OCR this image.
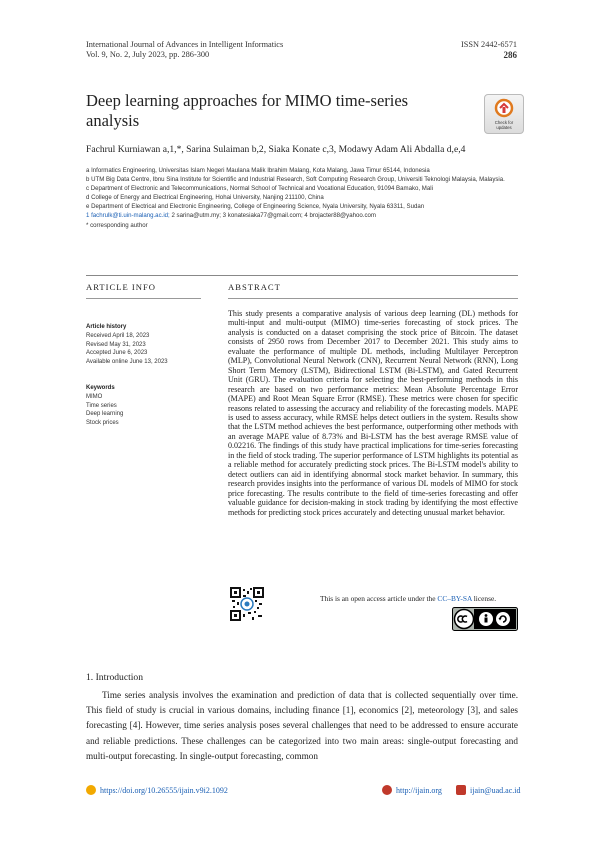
International Journal of Advances in Intelligent Informatics
Vol. 9, No. 2, July 2023, pp. 286-300
ISSN 2442-6571
286
Deep learning approaches for MIMO time-series analysis	Check for updates
Fachrul Kurniawan a,1,*, Sarina Sulaiman b,2, Siaka Konate c,3, Modawy Adam Ali Abdalla d,e,4

a Informatics Engineering, Universitas Islam Negeri Maulana Malik Ibrahim Malang, Kota Malang, Jawa Timur 65144, Indonesia

b UTM Big Data Centre, Ibnu Sina Institute for Scientific and Industrial Research, Soft Computing Research Group, Universiti Teknologi Malaysia, Malaysia.

c Department of Electronic and Telecommunications, Normal School of Technical and Vocational Education, 91094 Bamako, Mali

d College of Energy and Electrical Engineering, Hohai University, Nanjing 211100, China

e Department of Electrical and Electronic Engineering, College of Engineering Science, Nyala University, Nyala 63311, Sudan

1 fachrulk@ti.uin-malang.ac.id; 2 sarina@utm.my; 3 konatesiaka77@gmail.com; 4 brojacter88@yahoo.com

* corresponding author

ARTICLE INFO	ABSTRACT
Article history
Received April 18, 2023
Revised May 31, 2023
Accepted June 6, 2023
Available online June 13, 2023
Keywords
MIMO
Time series
Deep learning
Stock prices
This study presents a comparative analysis of various deep learning (DL) methods for multi-input and multi-output (MIMO) time-series forecasting of stock prices. The analysis is conducted on a dataset comprising the stock price of Bitcoin. The dataset consists of 2950 rows from December 2017 to December 2021. This study aims to evaluate the performance of multiple DL methods, including Multilayer Perceptron (MLP), Convolutional Neural Network (CNN), Recurrent Neural Network (RNN), Long Short Term Memory (LSTM), Bidirectional LSTM (Bi-LSTM), and Gated Recurrent Unit (GRU). The evaluation criteria for selecting the best-performing methods in this research are based on two performance metrics: Mean Absolute Percentage Error (MAPE) and Root Mean Square Error (RMSE). These metrics were chosen for specific reasons related to assessing the accuracy and reliability of the forecasting models. MAPE is used to assess accuracy, while RMSE helps detect outliers in the system. Results show that the LSTM method achieves the best performance, outperforming other methods with an average MAPE value of 8.73% and Bi-LSTM has the best average RMSE value of 0.02216. The findings of this study have practical implications for time-series forecasting in the field of stock trading. The superior performance of LSTM highlights its potential as a reliable method for accurately predicting stock prices. The Bi-LSTM model's ability to detect outliers can aid in identifying abnormal stock market behavior. In summary, this research provides insights into the performance of various DL models of MIMO for stock price forecasting. The results contribute to the field of time-series forecasting and offer valuable guidance for decision-making in stock trading by identifying the most effective methods for predicting stock prices accurately and detecting unusual market behavior.
This is an open access article under the CC–BY-SA license.
1. Introduction

Time series analysis involves the examination and prediction of data that is collected sequentially over time. This field of study is crucial in various domains, including finance [1], economics [2], meteorology [3], and sales forecasting [4]. However, time series analysis poses several challenges that need to be addressed to ensure accurate and reliable predictions. These challenges can be categorized into two main areas: single-output forecasting and multi-output forecasting. In single-output forecasting, common

https://doi.org/10.26555/ijain.v9i2.1092	http://ijain.org	ijain@uad.ac.id
